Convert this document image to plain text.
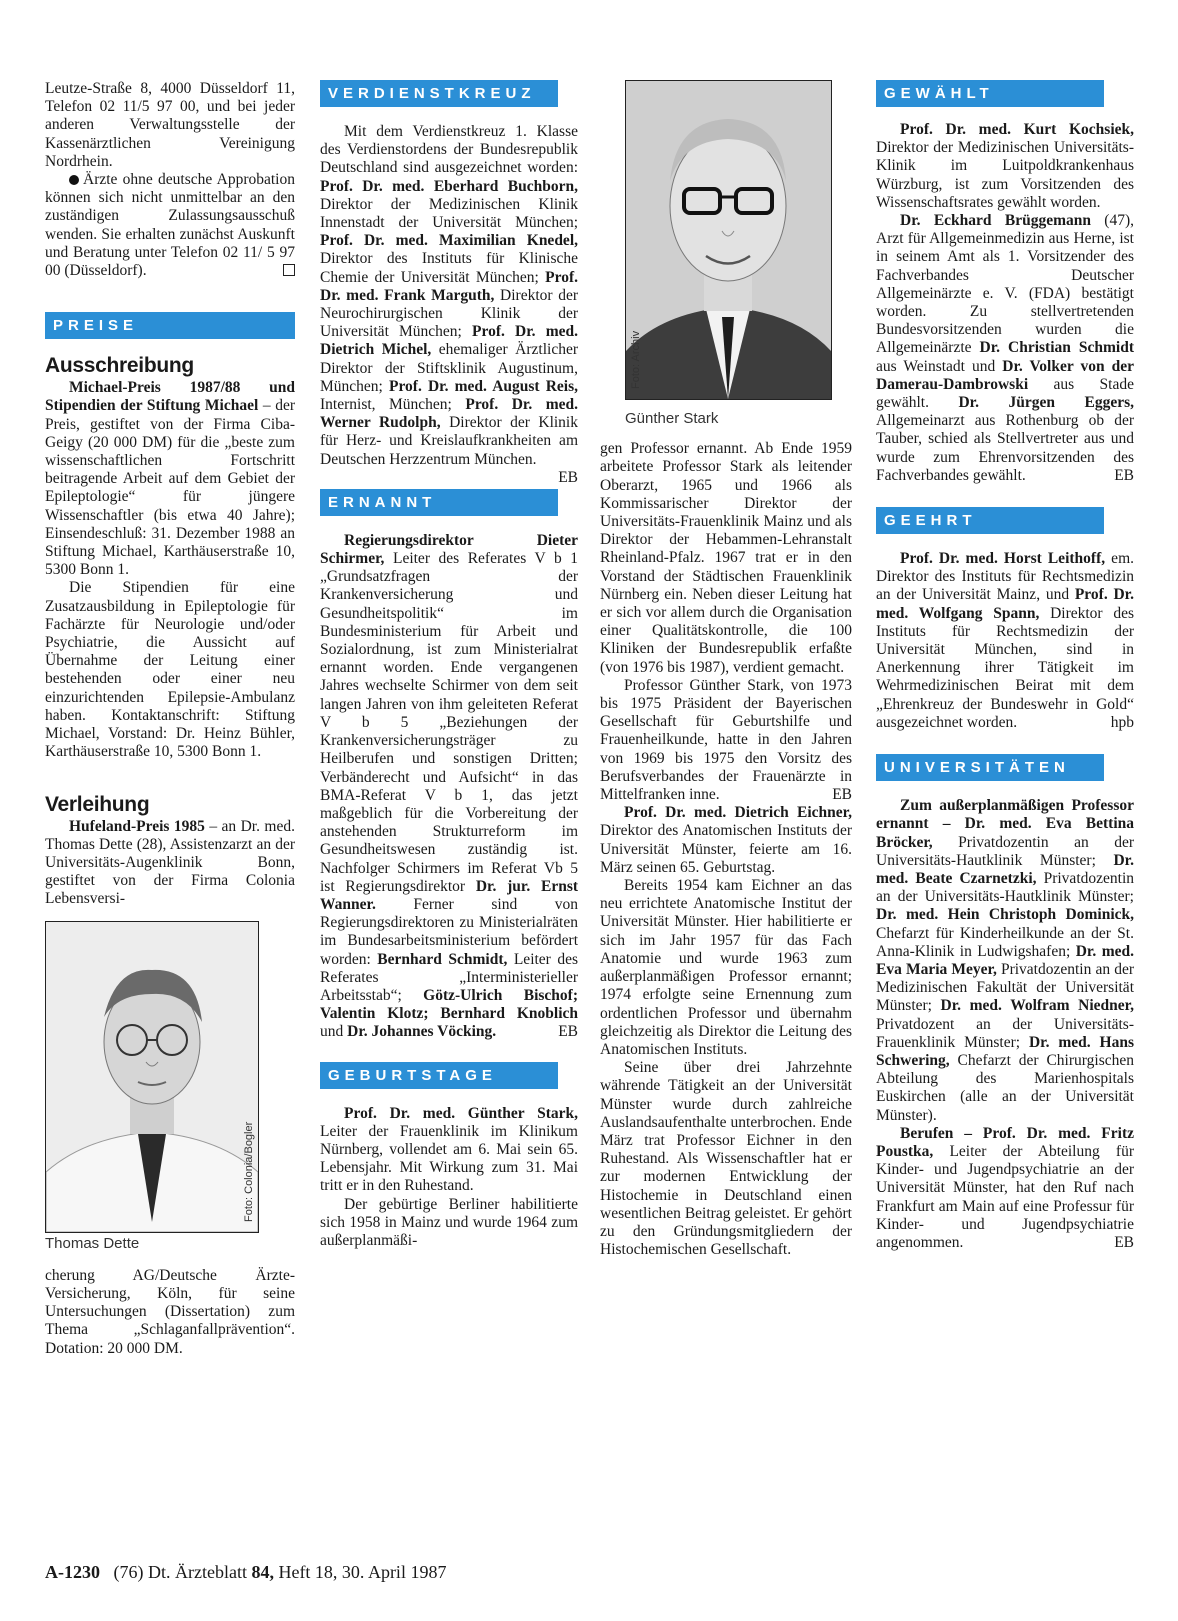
Leutze-Straße 8, 4000 Düsseldorf 11, Telefon 02 11/5 97 00, und bei jeder anderen Verwaltungsstelle der Kassenärztlichen Vereinigung Nordrhein.

Ärzte ohne deutsche Approbation können sich nicht unmittelbar an den zuständigen Zulassungsausschuß wenden. Sie erhalten zunächst Auskunft und Beratung unter Telefon 02 11/ 5 97 00 (Düsseldorf).

PREISE
Ausschreibung

Michael-Preis 1987/88 und Stipendien der Stiftung Michael – der Preis, gestiftet von der Firma Ciba-Geigy (20 000 DM) für die „beste zum wissenschaftlichen Fortschritt beitragende Arbeit auf dem Gebiet der Epileptologie“ für jüngere Wissenschaftler (bis etwa 40 Jahre); Einsendeschluß: 31. Dezember 1988 an Stiftung Michael, Karthäuserstraße 10, 5300 Bonn 1.

Die Stipendien für eine Zusatzausbildung in Epileptologie für Fachärzte für Neurologie und/oder Psychiatrie, die Aussicht auf Übernahme der Leitung einer bestehenden oder einer neu einzurichtenden Epilepsie-Ambulanz haben. Kontaktanschrift: Stiftung Michael, Vorstand: Dr. Heinz Bühler, Karthäuserstraße 10, 5300 Bonn 1.

Verleihung

Hufeland-Preis 1985 – an Dr. med. Thomas Dette (28), Assistenzarzt an der Universitäts-Augenklinik Bonn, gestiftet von der Firma Colonia Lebensversi-

Foto: Colonia/Bogler

Thomas Dette

cherung AG/Deutsche Ärzte-Versicherung, Köln, für seine Untersuchungen (Dissertation) zum Thema „Schlaganfallprävention“. Dotation: 20 000 DM.

VERDIENSTKREUZ

Mit dem Verdienstkreuz 1. Klasse des Verdienstordens der Bundesrepublik Deutschland sind ausgezeichnet worden: Prof. Dr. med. Eberhard Buchborn, Direktor der Medizinischen Klinik Innenstadt der Universität München; Prof. Dr. med. Maximilian Knedel, Direktor des Instituts für Klinische Chemie der Universität München; Prof. Dr. med. Frank Marguth, Direktor der Neurochirurgischen Klinik der Universität München; Prof. Dr. med. Dietrich Michel, ehemaliger Ärztlicher Direktor der Stiftsklinik Augustinum, München; Prof. Dr. med. August Reis, Internist, München; Prof. Dr. med. Werner Rudolph, Direktor der Klinik für Herz- und Kreislaufkrankheiten am Deutschen Herzzentrum München.
EB

ERNANNT

Regierungsdirektor Dieter Schirmer, Leiter des Referates V b 1 „Grundsatzfragen der Krankenversicherung und Gesundheitspolitik“ im Bundesministerium für Arbeit und Sozialordnung, ist zum Ministerialrat ernannt worden. Ende vergangenen Jahres wechselte Schirmer von dem seit langen Jahren von ihm geleiteten Referat V b 5 „Beziehungen der Krankenversicherungsträger zu Heilberufen und sonstigen Dritten; Verbänderecht und Aufsicht“ in das BMA-Referat V b 1, das jetzt maßgeblich für die Vorbereitung der anstehenden Strukturreform im Gesundheitswesen zuständig ist. Nachfolger Schirmers im Referat Vb 5 ist Regierungsdirektor Dr. jur. Ernst Wanner. Ferner sind von Regierungsdirektoren zu Ministerialräten im Bundesarbeitsministerium befördert worden: Bernhard Schmidt, Leiter des Referates „Interministerieller Arbeitsstab“; Götz-Ulrich Bischof; Valentin Klotz; Bernhard Knoblich und Dr. Johannes Vöcking.	EB

GEBURTSTAGE

Prof. Dr. med. Günther Stark, Leiter der Frauenklinik im Klinikum Nürnberg, vollendet am 6. Mai sein 65. Lebensjahr. Mit Wirkung zum 31. Mai tritt er in den Ruhestand.

Der gebürtige Berliner habilitierte sich 1958 in Mainz und wurde 1964 zum außerplanmäßi-

Foto: Archiv

Günther Stark

gen Professor ernannt. Ab Ende 1959 arbeitete Professor Stark als leitender Oberarzt, 1965 und 1966 als Kommissarischer Direktor der Universitäts-Frauenklinik Mainz und als Direktor der Hebammen-Lehranstalt Rheinland-Pfalz. 1967 trat er in den Vorstand der Städtischen Frauenklinik Nürnberg ein. Neben dieser Leitung hat er sich vor allem durch die Organisation einer Qualitätskontrolle, die 100 Kliniken der Bundesrepublik erfaßte (von 1976 bis 1987), verdient gemacht.

Professor Günther Stark, von 1973 bis 1975 Präsident der Bayerischen Gesellschaft für Geburtshilfe und Frauenheilkunde, hatte in den Jahren von 1969 bis 1975 den Vorsitz des Berufsverbandes der Frauenärzte in Mittelfranken inne.	EB

Prof. Dr. med. Dietrich Eichner, Direktor des Anatomischen Instituts der Universität Münster, feierte am 16. März seinen 65. Geburtstag.

Bereits 1954 kam Eichner an das neu errichtete Anatomische Institut der Universität Münster. Hier habilitierte er sich im Jahr 1957 für das Fach Anatomie und wurde 1963 zum außerplanmäßigen Professor ernannt; 1974 erfolgte seine Ernennung zum ordentlichen Professor und übernahm gleichzeitig als Direktor die Leitung des Anatomischen Instituts.

Seine über drei Jahrzehnte währende Tätigkeit an der Universität Münster wurde durch zahlreiche Auslandsaufenthalte unterbrochen. Ende März trat Professor Eichner in den Ruhestand. Als Wissenschaftler hat er zur modernen Entwicklung der Histochemie in Deutschland einen wesentlichen Beitrag geleistet. Er gehört zu den Gründungsmitgliedern der Histochemischen Gesellschaft.

GEWÄHLT

Prof. Dr. med. Kurt Kochsiek, Direktor der Medizinischen Universitäts-Klinik im Luitpoldkrankenhaus Würzburg, ist zum Vorsitzenden des Wissenschaftsrates gewählt worden.

Dr. Eckhard Brüggemann (47), Arzt für Allgemeinmedizin aus Herne, ist in seinem Amt als 1. Vorsitzender des Fachverbandes Deutscher Allgemeinärzte e. V. (FDA) bestätigt worden. Zu stellvertretenden Bundesvorsitzenden wurden die Allgemeinärzte Dr. Christian Schmidt aus Weinstadt und Dr. Volker von der Damerau-Dambrowski aus Stade gewählt. Dr. Jürgen Eggers, Allgemeinarzt aus Rothenburg ob der Tauber, schied als Stellvertreter aus und wurde zum Ehrenvorsitzenden des Fachverbandes gewählt.	EB

GEEHRT

Prof. Dr. med. Horst Leithoff, em. Direktor des Instituts für Rechtsmedizin an der Universität Mainz, und Prof. Dr. med. Wolfgang Spann, Direktor des Instituts für Rechtsmedizin der Universität München, sind in Anerkennung ihrer Tätigkeit im Wehrmedizinischen Beirat mit dem „Ehrenkreuz der Bundeswehr in Gold“ ausgezeichnet worden.	hpb

UNIVERSITÄTEN

Zum außerplanmäßigen Professor ernannt – Dr. med. Eva Bettina Bröcker, Privatdozentin an der Universitäts-Hautklinik Münster; Dr. med. Beate Czarnetzki, Privatdozentin an der Universitäts-Hautklinik Münster; Dr. med. Hein Christoph Dominick, Chefarzt für Kinderheilkunde an der St. Anna-Klinik in Ludwigshafen; Dr. med. Eva Maria Meyer, Privatdozentin an der Medizinischen Fakultät der Universität Münster; Dr. med. Wolfram Niedner, Privatdozent an der Universitäts-Frauenklinik Münster; Dr. med. Hans Schwering, Chefarzt der Chirurgischen Abteilung des Marienhospitals Euskirchen (alle an der Universität Münster).

Berufen – Prof. Dr. med. Fritz Poustka, Leiter der Abteilung für Kinder- und Jugendpsychiatrie an der Universität Münster, hat den Ruf nach Frankfurt am Main auf eine Professur für Kinder- und Jugendpsychiatrie angenommen.	EB

A-1230 (76) Dt. Ärzteblatt 84, Heft 18, 30. April 1987
